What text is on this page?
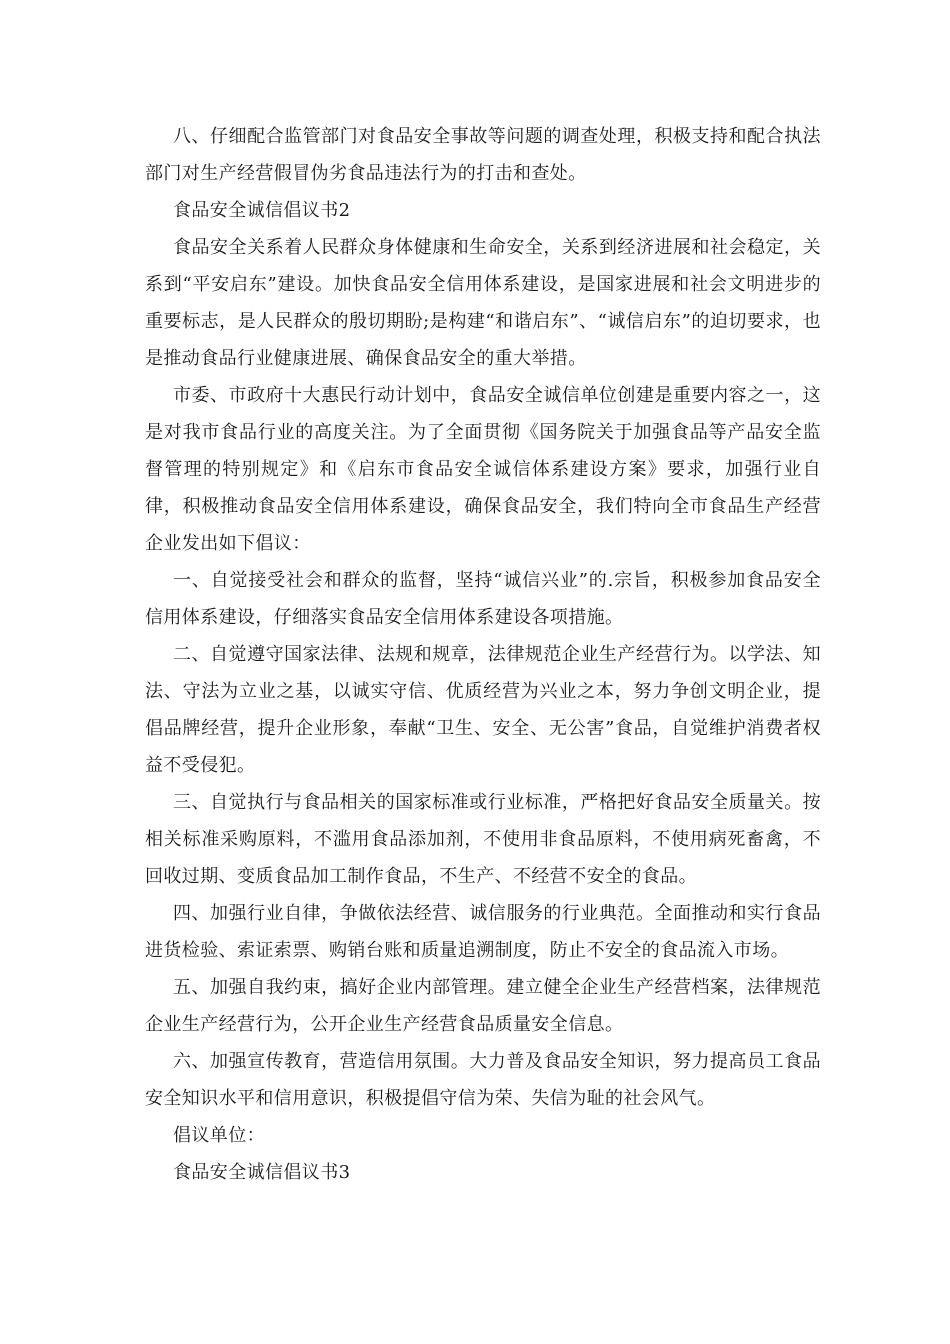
八、仔细配合监管部门对食品安全事故等问题的调查处理，积极支持和配合执法部门对生产经营假冒伪劣食品违法行为的打击和查处。

食品安全诚信倡议书2

食品安全关系着人民群众身体健康和生命安全，关系到经济进展和社会稳定，关系到“平安启东”建设。加快食品安全信用体系建设，是国家进展和社会文明进步的重要标志，是人民群众的殷切期盼;是构建“和谐启东”、“诚信启东”的迫切要求，也是推动食品行业健康进展、确保食品安全的重大举措。

市委、市政府十大惠民行动计划中，食品安全诚信单位创建是重要内容之一，这是对我市食品行业的高度关注。为了全面贯彻《国务院关于加强食品等产品安全监督管理的特别规定》和《启东市食品安全诚信体系建设方案》要求，加强行业自律，积极推动食品安全信用体系建设，确保食品安全，我们特向全市食品生产经营企业发出如下倡议：

一、自觉接受社会和群众的监督，坚持“诚信兴业”的.宗旨，积极参加食品安全信用体系建设，仔细落实食品安全信用体系建设各项措施。

二、自觉遵守国家法律、法规和规章，法律规范企业生产经营行为。以学法、知法、守法为立业之基，以诚实守信、优质经营为兴业之本，努力争创文明企业，提倡品牌经营，提升企业形象，奉献“卫生、安全、无公害”食品，自觉维护消费者权益不受侵犯。

三、自觉执行与食品相关的国家标准或行业标准，严格把好食品安全质量关。按相关标准采购原料，不滥用食品添加剂，不使用非食品原料，不使用病死畜禽，不回收过期、变质食品加工制作食品，不生产、不经营不安全的食品。

四、加强行业自律，争做依法经营、诚信服务的行业典范。全面推动和实行食品进货检验、索证索票、购销台账和质量追溯制度，防止不安全的食品流入市场。

五、加强自我约束，搞好企业内部管理。建立健全企业生产经营档案，法律规范企业生产经营行为，公开企业生产经营食品质量安全信息。

六、加强宣传教育，营造信用氛围。大力普及食品安全知识，努力提高员工食品安全知识水平和信用意识，积极提倡守信为荣、失信为耻的社会风气。

倡议单位：

食品安全诚信倡议书3
